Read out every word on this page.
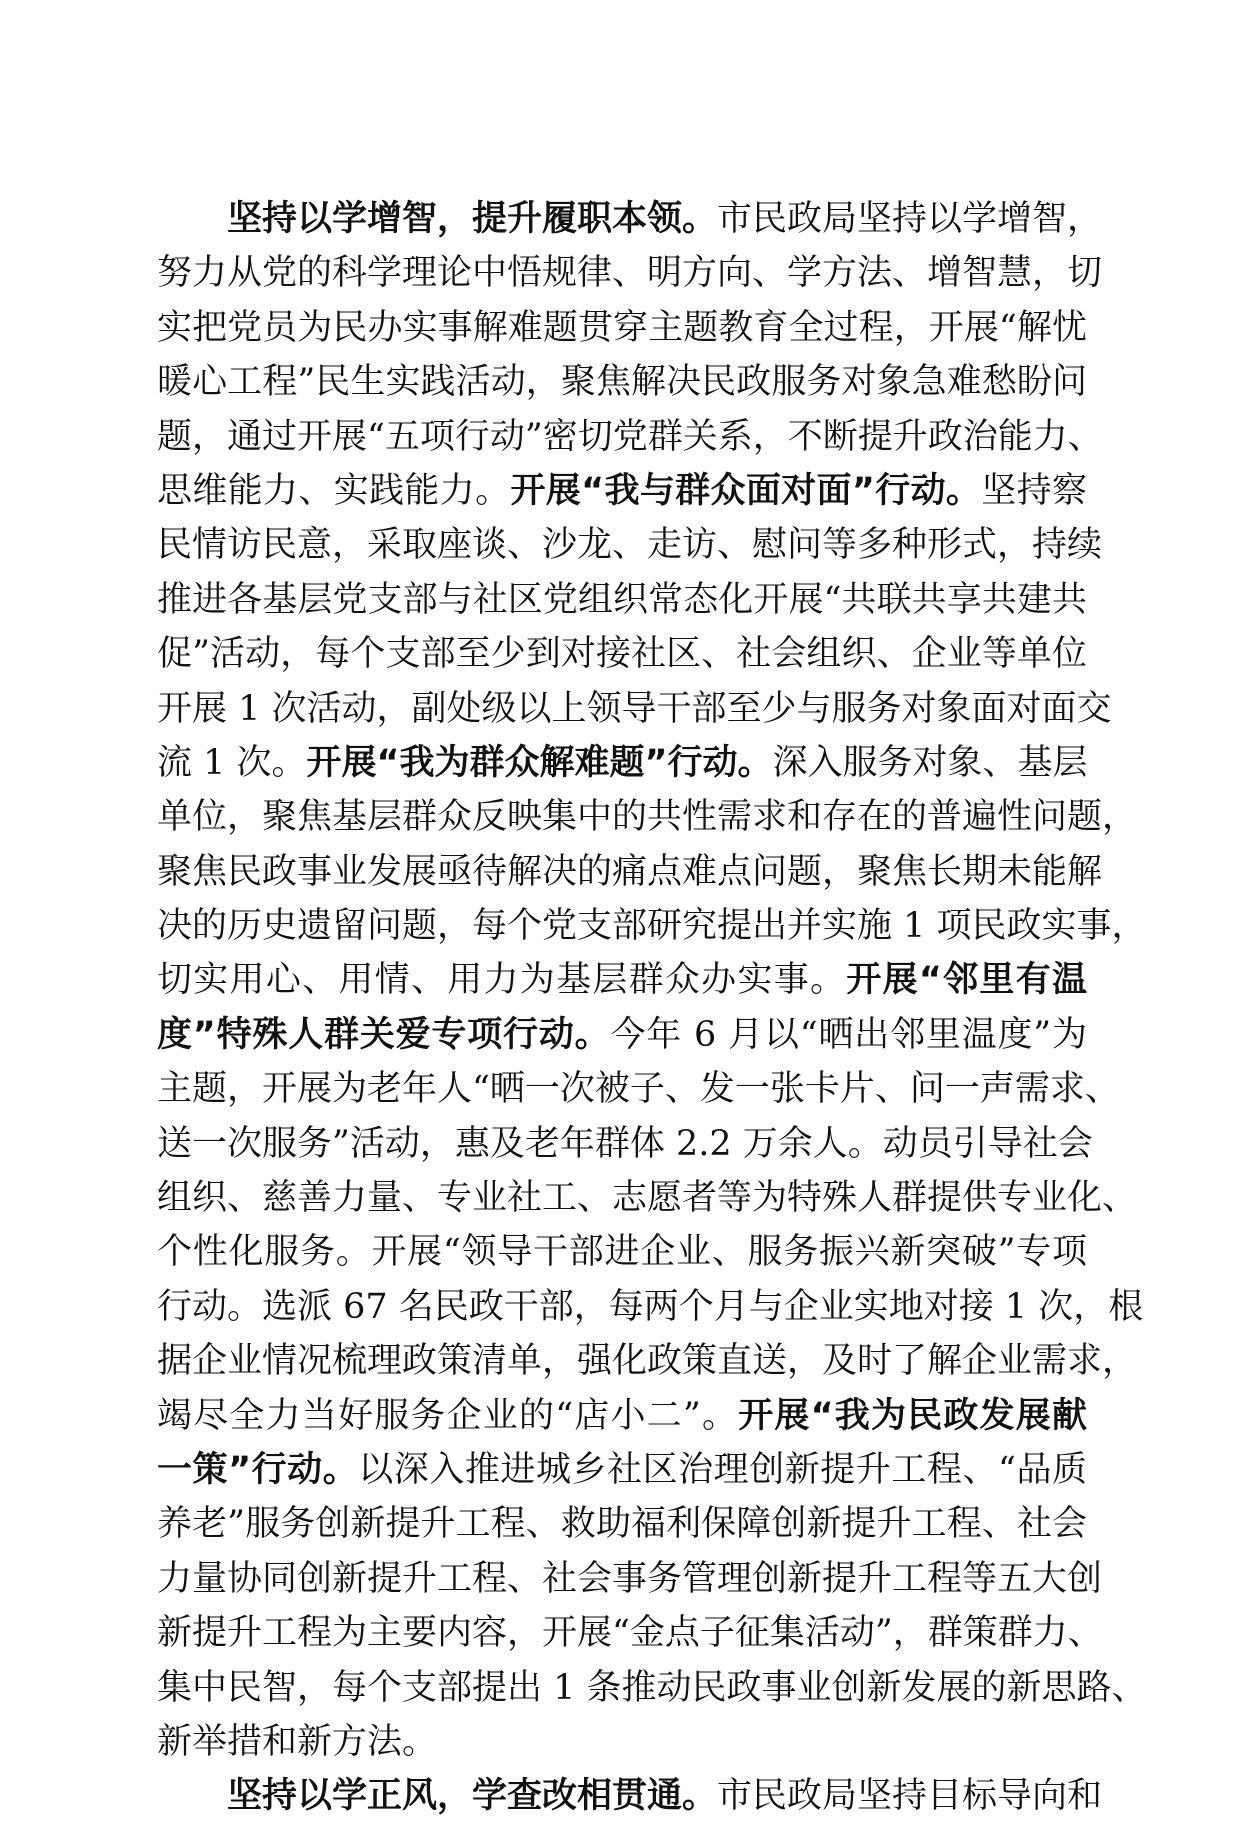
坚持以学增智，提升履职本领。市民政局坚持以学增智，
努力从党的科学理论中悟规律、明方向、学方法、增智慧，切
实把党员为民办实事解难题贯穿主题教育全过程，开展“解忧
暖心工程”民生实践活动，聚焦解决民政服务对象急难愁盼问
题，通过开展“五项行动”密切党群关系，不断提升政治能力、
思维能力、实践能力。开展“我与群众面对面”行动。坚持察
民情访民意，采取座谈、沙龙、走访、慰问等多种形式，持续
推进各基层党支部与社区党组织常态化开展“共联共享共建共
促”活动，每个支部至少到对接社区、社会组织、企业等单位
开展 1 次活动，副处级以上领导干部至少与服务对象面对面交
流 1 次。开展“我为群众解难题”行动。深入服务对象、基层
单位，聚焦基层群众反映集中的共性需求和存在的普遍性问题，
聚焦民政事业发展亟待解决的痛点难点问题，聚焦长期未能解
决的历史遗留问题，每个党支部研究提出并实施 1 项民政实事，
切实用心、用情、用力为基层群众办实事。开展“邻里有温
度”特殊人群关爱专项行动。今年 6 月以“晒出邻里温度”为
主题，开展为老年人“晒一次被子、发一张卡片、问一声需求、
送一次服务”活动，惠及老年群体 2.2 万余人。动员引导社会
组织、慈善力量、专业社工、志愿者等为特殊人群提供专业化、
个性化服务。开展“领导干部进企业、服务振兴新突破”专项
行动。选派 67 名民政干部，每两个月与企业实地对接 1 次，根
据企业情况梳理政策清单，强化政策直送，及时了解企业需求，
竭尽全力当好服务企业的“店小二”。开展“我为民政发展献
一策”行动。以深入推进城乡社区治理创新提升工程、“品质
养老”服务创新提升工程、救助福利保障创新提升工程、社会
力量协同创新提升工程、社会事务管理创新提升工程等五大创
新提升工程为主要内容，开展“金点子征集活动”，群策群力、
集中民智，每个支部提出 1 条推动民政事业创新发展的新思路、
新举措和新方法。
坚持以学正风，学查改相贯通。市民政局坚持目标导向和
